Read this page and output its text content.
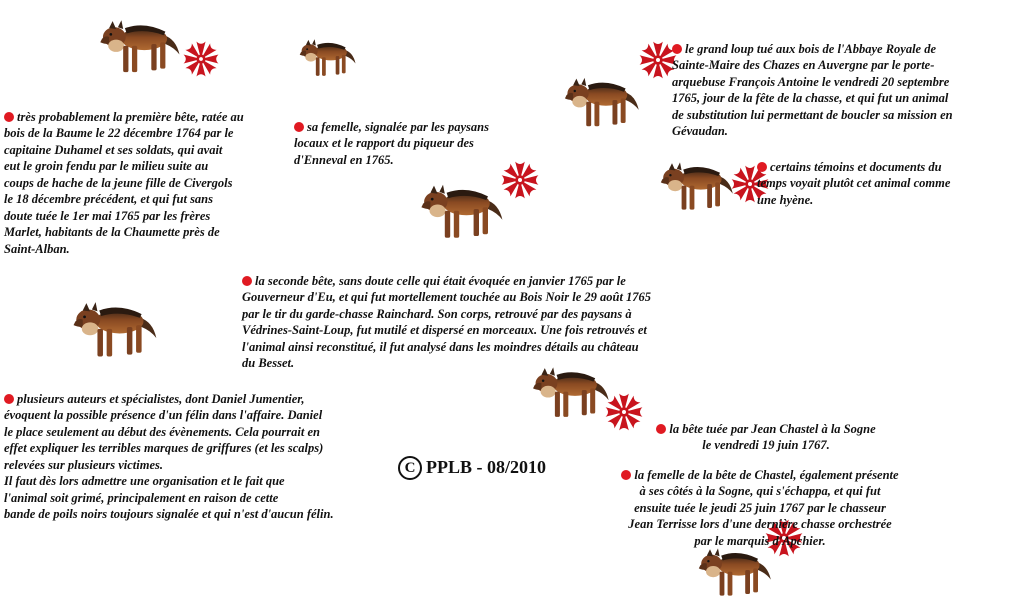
très probablement la première bête, ratée au
bois de la Baume le 22 décembre 1764 par le
capitaine Duhamel et ses soldats, qui avait
eut le groin fendu par le milieu suite au
coups de hache de la jeune fille de Civergols
le 18 décembre précédent, et qui fut sans
doute tuée le 1er mai 1765 par les frères
Marlet, habitants de la Chaumette près de
Saint-Alban.

sa femelle, signalée par les paysans
locaux et le rapport du piqueur des
d'Enneval en 1765.

le grand loup tué aux bois de l'Abbaye Royale de
Sainte-Maire des Chazes en Auvergne par le porte-
arquebuse François Antoine le vendredi 20 septembre
1765, jour de la fête de la chasse, et qui fut un animal
de substitution lui permettant de boucler sa mission en
Gévaudan.

certains témoins et documents du
temps voyait plutôt cet animal comme
une hyène.

la seconde bête, sans doute celle qui était évoquée en janvier 1765 par le
Gouverneur d'Eu, et qui fut mortellement touchée au Bois Noir le 29 août 1765
par le tir du garde-chasse Rainchard. Son corps, retrouvé par des paysans à
Védrines-Saint-Loup, fut mutilé et dispersé en morceaux. Une fois retrouvés et
l'animal ainsi reconstitué, il fut analysé dans les moindres détails au château
du Besset.

plusieurs auteurs et spécialistes, dont Daniel Jumentier,
évoquent la possible présence d'un félin dans l'affaire. Daniel
le place seulement au début des évènements. Cela pourrait en
effet expliquer les terribles marques de griffures (et les scalps)
relevées sur plusieurs victimes.
Il faut dès lors admettre une organisation et le fait que
l'animal soit grimé, principalement en raison de cette
bande de poils noirs toujours signalée et qui n'est d'aucun félin.

la bête tuée par Jean Chastel à la Sogne
le vendredi 19 juin 1767.

la femelle de la bête de Chastel, également présente
à ses côtés à la Sogne, qui s'échappa, et qui fut
ensuite tuée le jeudi 25 juin 1767 par le chasseur
Jean Terrisse lors d'une dernière chasse orchestrée
par le marquis d'Apchier.

C PPLB - 08/2010
